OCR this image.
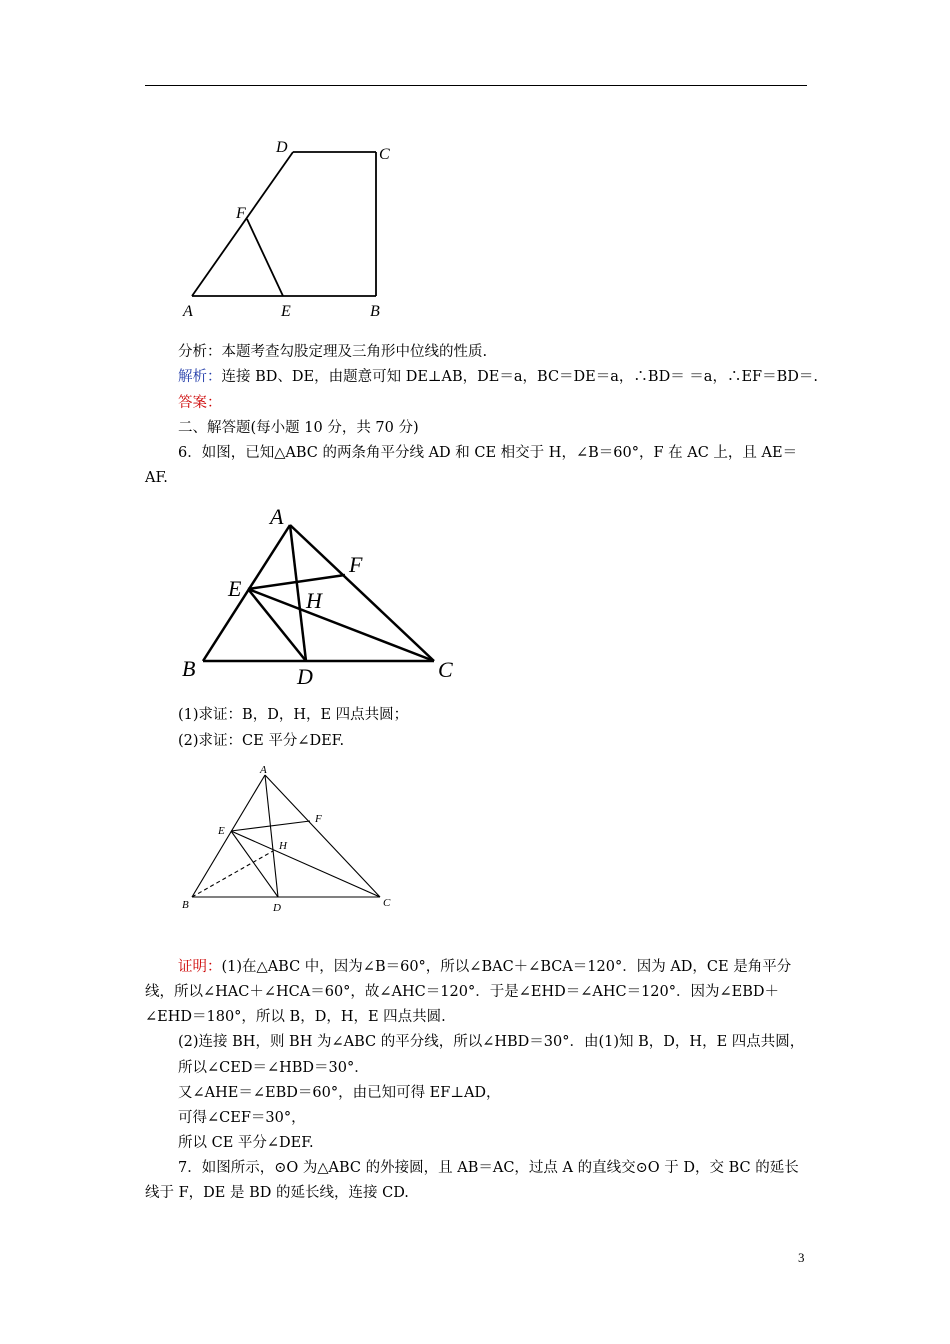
D	C
F
A	E	B
分析：本题考查勾股定理及三角形中位线的性质.
解析：连接 BD、DE，由题意可知 DE⊥AB，DE＝a，BC＝DE＝a，∴BD＝ ＝a，∴EF＝BD＝.
答案：
二、解答题(每小题 10 分，共 70 分)
6．如图，已知△ABC 的两条角平分线 AD 和 CE 相交于 H，∠B＝60°，F 在 AC 上，且 AE＝
AF.
A
F
E	H
B	D	C
(1)求证：B，D，H，E 四点共圆；
(2)求证：CE 平分∠DEF.
A
F
E
H
B	D	C
证明：(1)在△ABC 中，因为∠B＝60°，所以∠BAC＋∠BCA＝120°．因为 AD，CE 是角平分
线，所以∠HAC＋∠HCA＝60°，故∠AHC＝120°．于是∠EHD＝∠AHC＝120°．因为∠EBD＋
∠EHD＝180°，所以 B，D，H，E 四点共圆.
(2)连接 BH，则 BH 为∠ABC 的平分线，所以∠HBD＝30°．由(1)知 B，D，H，E 四点共圆，
所以∠CED＝∠HBD＝30°．
又∠AHE＝∠EBD＝60°，由已知可得 EF⊥AD，
可得∠CEF＝30°，
所以 CE 平分∠DEF.
7．如图所示，⊙O 为△ABC 的外接圆，且 AB＝AC，过点 A 的直线交⊙O 于 D，交 BC 的延长
线于 F，DE 是 BD 的延长线，连接 CD.
3
